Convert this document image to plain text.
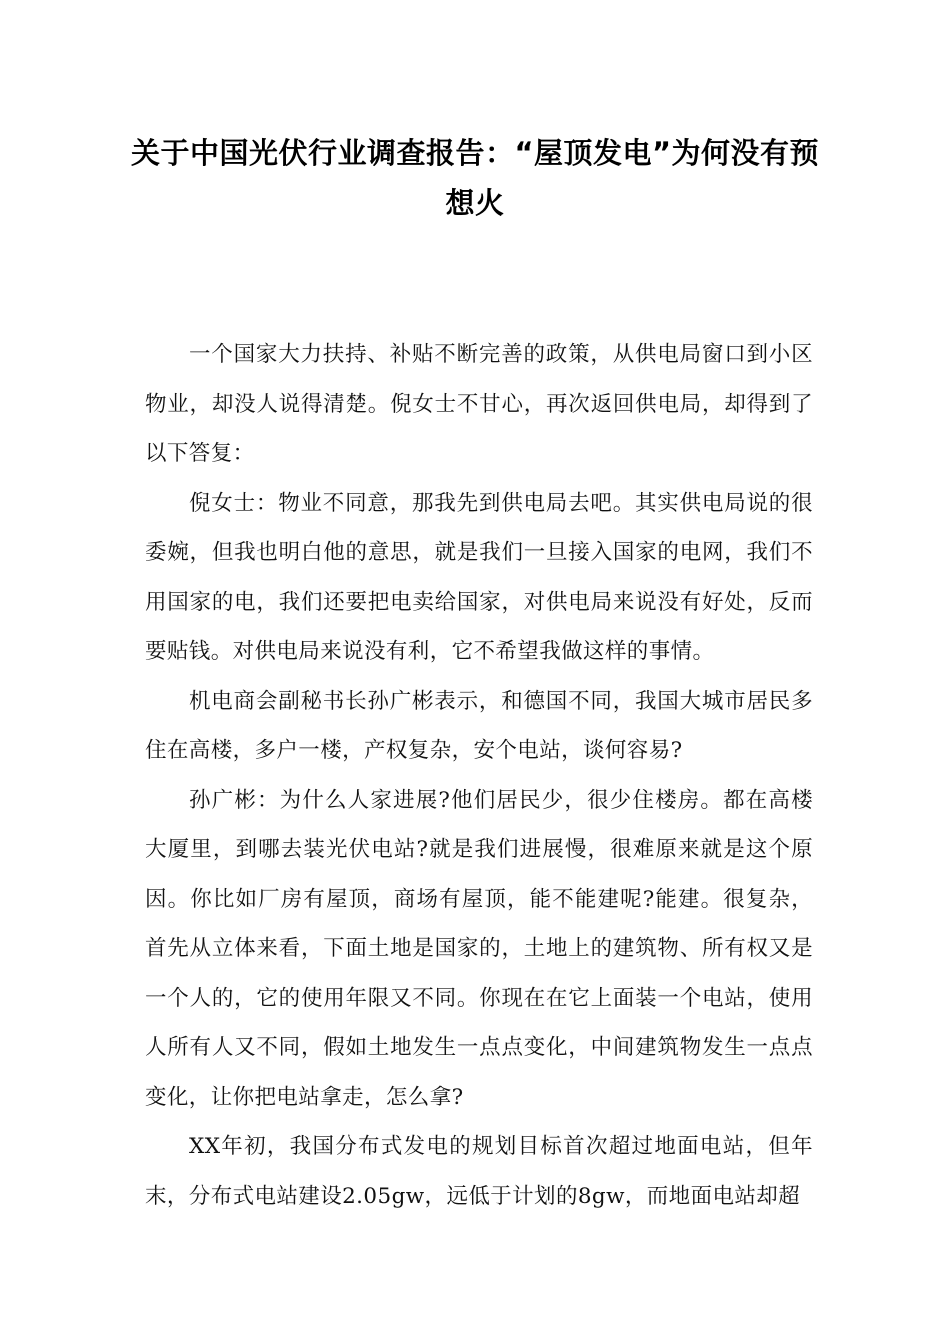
关于中国光伏行业调查报告：“屋顶发电”为何没有预想火

一个国家大力扶持、补贴不断完善的政策，从供电局窗口到小区物业，却没人说得清楚。倪女士不甘心，再次返回供电局，却得到了以下答复：

倪女士：物业不同意，那我先到供电局去吧。其实供电局说的很委婉，但我也明白他的意思，就是我们一旦接入国家的电网，我们不用国家的电，我们还要把电卖给国家，对供电局来说没有好处，反而要贴钱。对供电局来说没有利，它不希望我做这样的事情。

机电商会副秘书长孙广彬表示，和德国不同，我国大城市居民多住在高楼，多户一楼，产权复杂，安个电站，谈何容易?

孙广彬：为什么人家进展?他们居民少，很少住楼房。都在高楼大厦里，到哪去装光伏电站?就是我们进展慢，很难原来就是这个原因。你比如厂房有屋顶，商场有屋顶，能不能建呢?能建。很复杂，首先从立体来看，下面土地是国家的，土地上的建筑物、所有权又是一个人的，它的使用年限又不同。你现在在它上面装一个电站，使用人所有人又不同，假如土地发生一点点变化，中间建筑物发生一点点变化，让你把电站拿走，怎么拿?

XX年初，我国分布式发电的规划目标首次超过地面电站，但年末，分布式电站建设2.05gw，远低于计划的8gw，而地面电站却超
